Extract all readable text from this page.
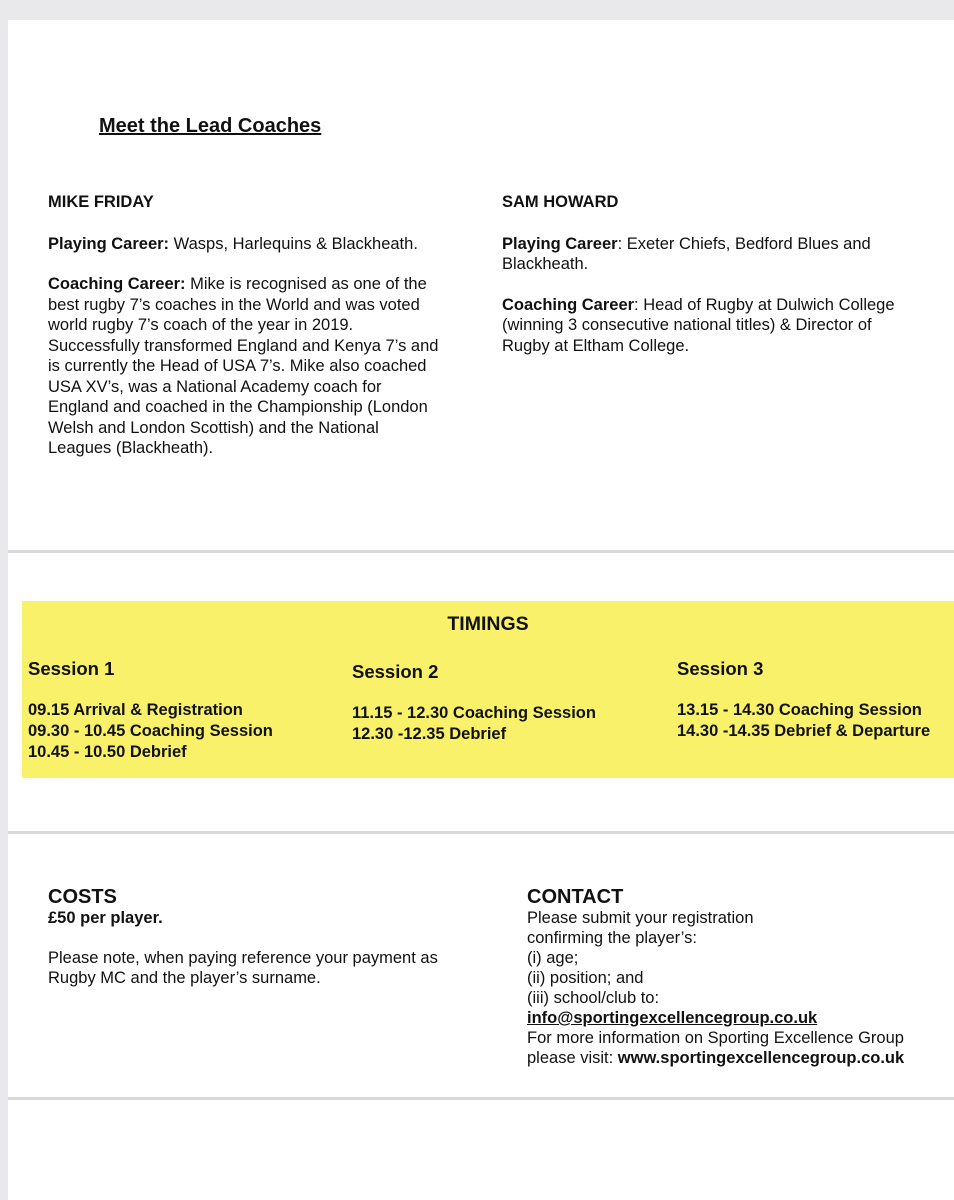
Meet the Lead Coaches

MIKE FRIDAY

Playing Career: Wasps, Harlequins & Blackheath.

Coaching Career: Mike is recognised as one of the best rugby 7’s coaches in the World and was voted world rugby 7’s coach of the year in 2019. Successfully transformed England and Kenya 7’s and is currently the Head of USA 7’s. Mike also coached USA XV’s, was a National Academy coach for England and coached in the Championship (London Welsh and London Scottish) and the National Leagues (Blackheath).

SAM HOWARD

Playing Career: Exeter Chiefs, Bedford Blues and Blackheath.

Coaching Career: Head of Rugby at Dulwich College (winning 3 consecutive national titles) & Director of Rugby at Eltham College.

TIMINGS

Session 1

09.15 Arrival & Registration

09.30 - 10.45 Coaching Session

10.45 - 10.50 Debrief

Session 2

11.15 - 12.30 Coaching Session

12.30 -12.35 Debrief

Session 3

13.15 - 14.30 Coaching Session

14.30 -14.35 Debrief & Departure

COSTS

£50 per player.

Please note, when paying reference your payment as Rugby MC and the player’s surname.

CONTACT

Please submit your registration

confirming the player’s:

(i) age;

(ii) position; and

(iii) school/club to:

info@sportingexcellencegroup.co.uk

For more information on Sporting Excellence Group

please visit: www.sportingexcellencegroup.co.uk
